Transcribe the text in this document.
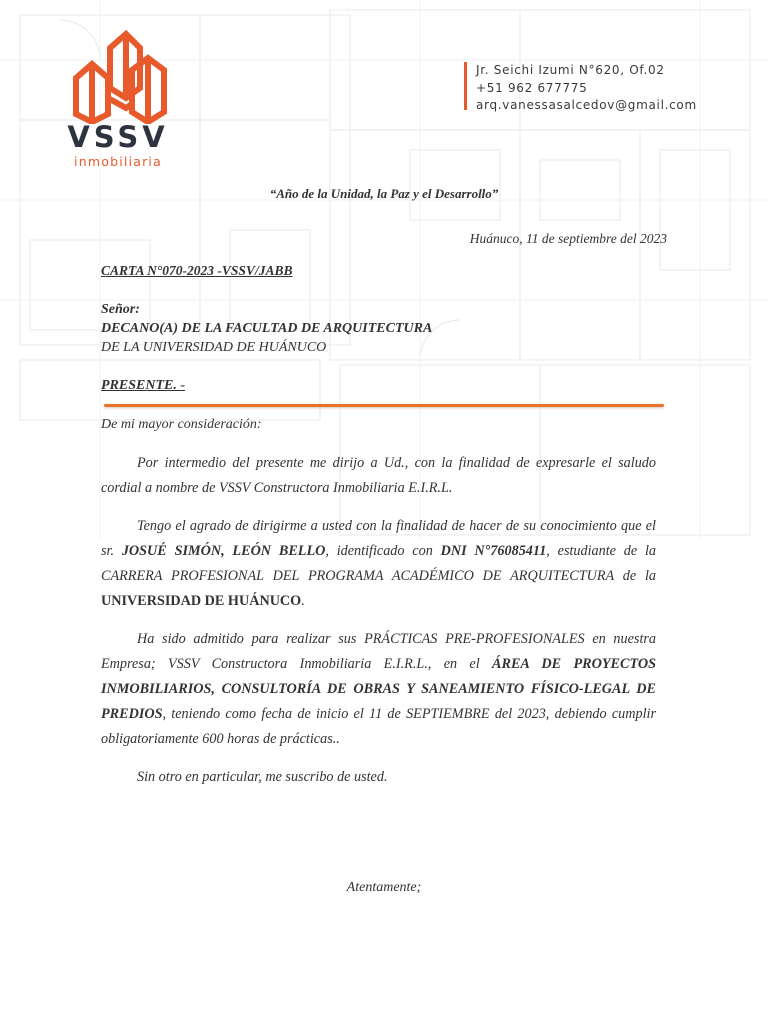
VSSV
inmobiliaria
Jr. Seichi Izumi N°620, Of.02
+51 962 677775
arq.vanessasalcedov@gmail.com
“Año de la Unidad, la Paz y el Desarrollo”
Huánuco, 11 de septiembre del 2023
CARTA N°070-2023 -VSSV/JABB
Señor:
DECANO(A) DE LA FACULTAD DE ARQUITECTURA
DE LA UNIVERSIDAD DE HUÁNUCO
PRESENTE. -
De mi mayor consideración:
Por intermedio del presente me dirijo a Ud., con la finalidad de expresarle el saludo cordial a nombre de VSSV Constructora Inmobiliaria E.I.R.L.
Tengo el agrado de dirigirme a usted con la finalidad de hacer de su conocimiento que el sr. JOSUÉ SIMÓN, LEÓN BELLO, identificado con DNI N°76085411, estudiante de la CARRERA PROFESIONAL DEL PROGRAMA ACADÉMICO DE ARQUITECTURA de la UNIVERSIDAD DE HUÁNUCO.
Ha sido admitido para realizar sus PRÁCTICAS PRE-PROFESIONALES en nuestra Empresa; VSSV Constructora Inmobiliaria E.I.R.L., en el ÁREA DE PROYECTOS INMOBILIARIOS, CONSULTORÍA DE OBRAS Y SANEAMIENTO FÍSICO-LEGAL DE PREDIOS, teniendo como fecha de inicio el 11 de SEPTIEMBRE del 2023, debiendo cumplir obligatoriamente 600 horas de prácticas..
Sin otro en particular, me suscribo de usted.
Atentamente;
